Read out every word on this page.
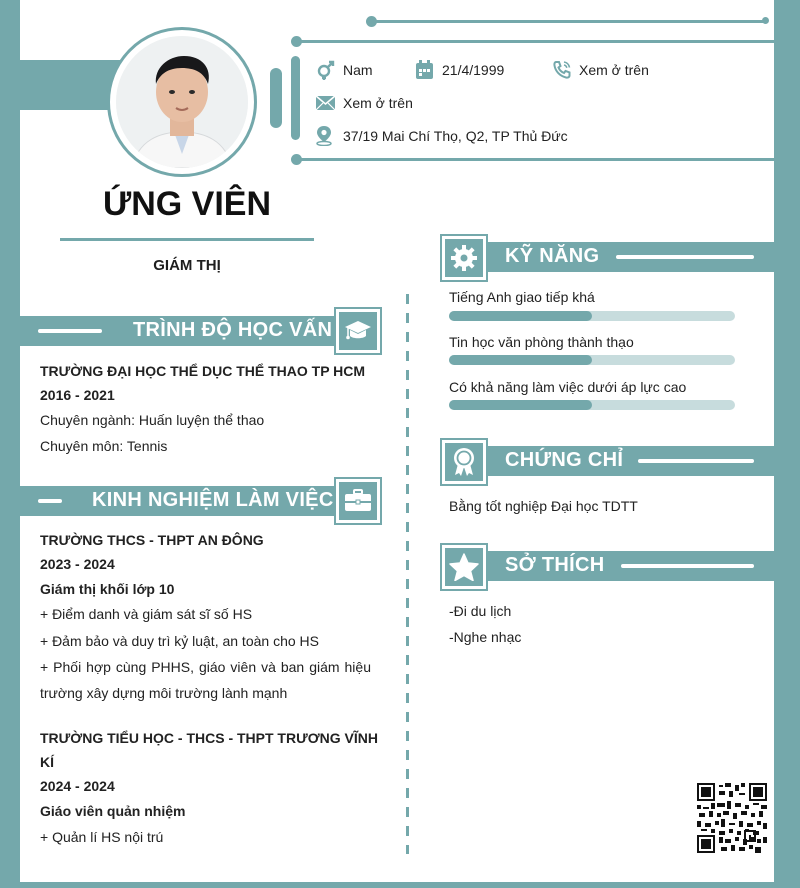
Nam	21/4/1999	Xem ở trên
Xem ở trên
37/19 Mai Chí Thọ, Q2, TP Thủ Đức
ỨNG VIÊN
GIÁM THỊ
TRÌNH ĐỘ HỌC VẤN
TRƯỜNG ĐẠI HỌC THỂ DỤC THỂ THAO TP HCM
2016 - 2021
Chuyên ngành: Huấn luyện thể thao
Chuyên môn: Tennis
KINH NGHIỆM LÀM VIỆC
TRƯỜNG THCS - THPT AN ĐÔNG
2023 - 2024
Giám thị khối lớp 10
+ Điểm danh và giám sát sĩ số HS
+ Đảm bảo và duy trì kỷ luật, an toàn cho HS
+ Phối hợp cùng PHHS, giáo viên và ban giám hiệu
trường xây dựng môi trường lành mạnh
TRƯỜNG TIỂU HỌC - THCS - THPT TRƯƠNG VĨNH
KÍ
2024 - 2024
Giáo viên quản nhiệm
+ Quản lí HS nội trú
KỸ NĂNG
Tiếng Anh giao tiếp khá
Tin học văn phòng thành thạo
Có khả năng làm việc dưới áp lực cao
CHỨNG CHỈ
Bằng tốt nghiệp Đại học TDTT
SỞ THÍCH
-Đi du lịch
-Nghe nhạc
